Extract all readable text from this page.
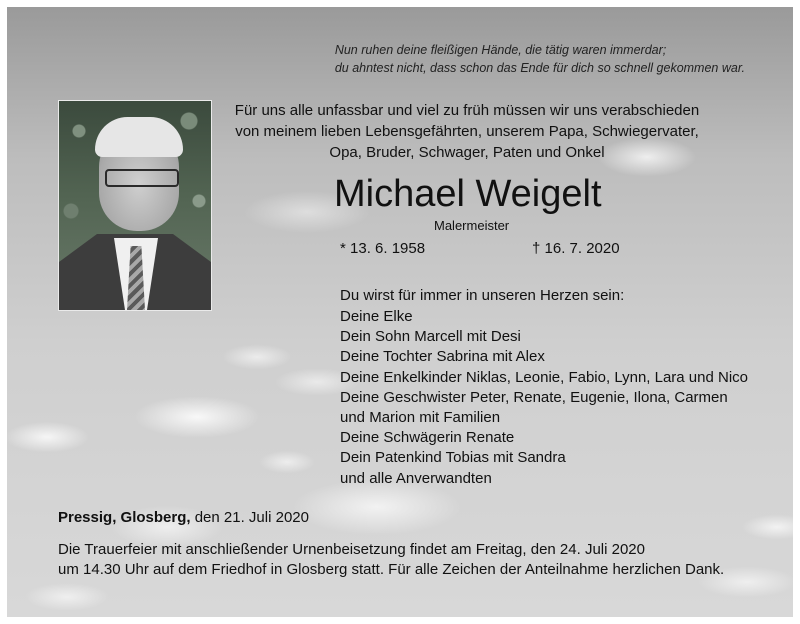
Nun ruhen deine fleißigen Hände, die tätig waren immerdar;
du ahntest nicht, dass schon das Ende für dich so schnell gekommen war.
Für uns alle unfassbar und viel zu früh müssen wir uns verabschieden
von meinem lieben Lebensgefährten, unserem Papa, Schwiegervater,
Opa, Bruder, Schwager, Paten und Onkel
Michael Weigelt
Malermeister
* 13. 6. 1958	† 16. 7. 2020
Du wirst für immer in unseren Herzen sein:
Deine Elke
Dein Sohn Marcell mit Desi
Deine Tochter Sabrina mit Alex
Deine Enkelkinder Niklas, Leonie, Fabio, Lynn, Lara und Nico
Deine Geschwister Peter, Renate, Eugenie, Ilona, Carmen
und Marion mit Familien
Deine Schwägerin Renate
Dein Patenkind Tobias mit Sandra
und alle Anverwandten
Pressig, Glosberg, den 21. Juli 2020
Die Trauerfeier mit anschließender Urnenbeisetzung findet am Freitag, den 24. Juli 2020
um 14.30 Uhr auf dem Friedhof in Glosberg statt. Für alle Zeichen der Anteilnahme herzlichen Dank.
